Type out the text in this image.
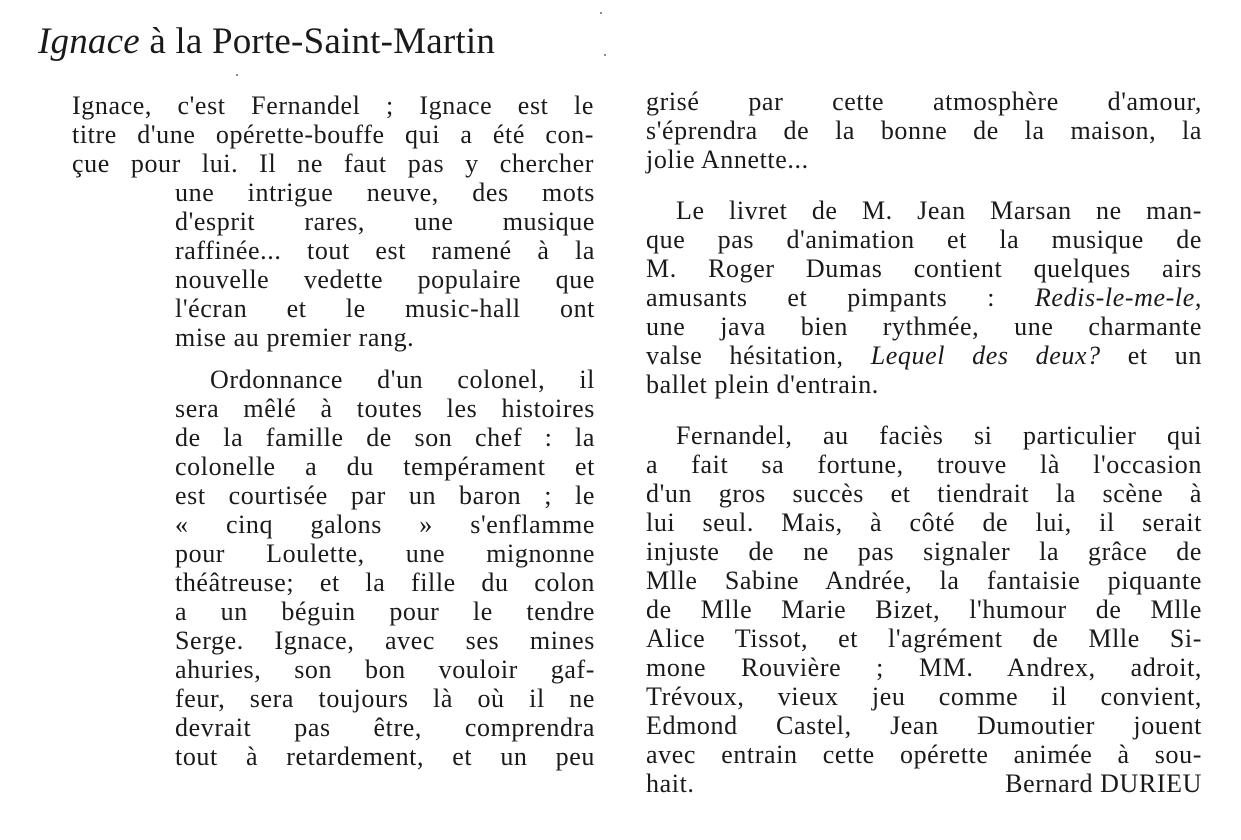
Ignace à la Porte-Saint-Martin
Ignace, c'est Fernandel ; Ignace est le
titre d'une opérette-bouffe qui a été con-
çue pour lui. Il ne faut pas y chercher
une intrigue neuve, des mots
d'esprit rares, une musique
raffinée... tout est ramené à la
nouvelle vedette populaire que
l'écran et le music-hall ont
mise au premier rang.
Ordonnance d'un colonel, il
sera mêlé à toutes les histoires
de la famille de son chef : la
colonelle a du tempérament et
est courtisée par un baron ; le
« cinq galons » s'enflamme
pour Loulette, une mignonne
théâtreuse; et la fille du colon
a un béguin pour le tendre
Serge. Ignace, avec ses mines
ahuries, son bon vouloir gaf-
feur, sera toujours là où il ne
devrait pas être, comprendra
tout à retardement, et un peu
grisé par cette atmosphère d'amour,
s'éprendra de la bonne de la maison, la
jolie Annette...
Le livret de M. Jean Marsan ne man-
que pas d'animation et la musique de
M. Roger Dumas contient quelques airs
amusants et pimpants : Redis-le-me-le,
une java bien rythmée, une charmante
valse hésitation, Lequel des deux? et un
ballet plein d'entrain.
Fernandel, au faciès si particulier qui
a fait sa fortune, trouve là l'occasion
d'un gros succès et tiendrait la scène à
lui seul. Mais, à côté de lui, il serait
injuste de ne pas signaler la grâce de
Mlle Sabine Andrée, la fantaisie piquante
de Mlle Marie Bizet, l'humour de Mlle
Alice Tissot, et l'agrément de Mlle Si-
mone Rouvière ; MM. Andrex, adroit,
Trévoux, vieux jeu comme il convient,
Edmond Castel, Jean Dumoutier jouent
avec entrain cette opérette animée à sou-
hait.	Bernard DURIEU
